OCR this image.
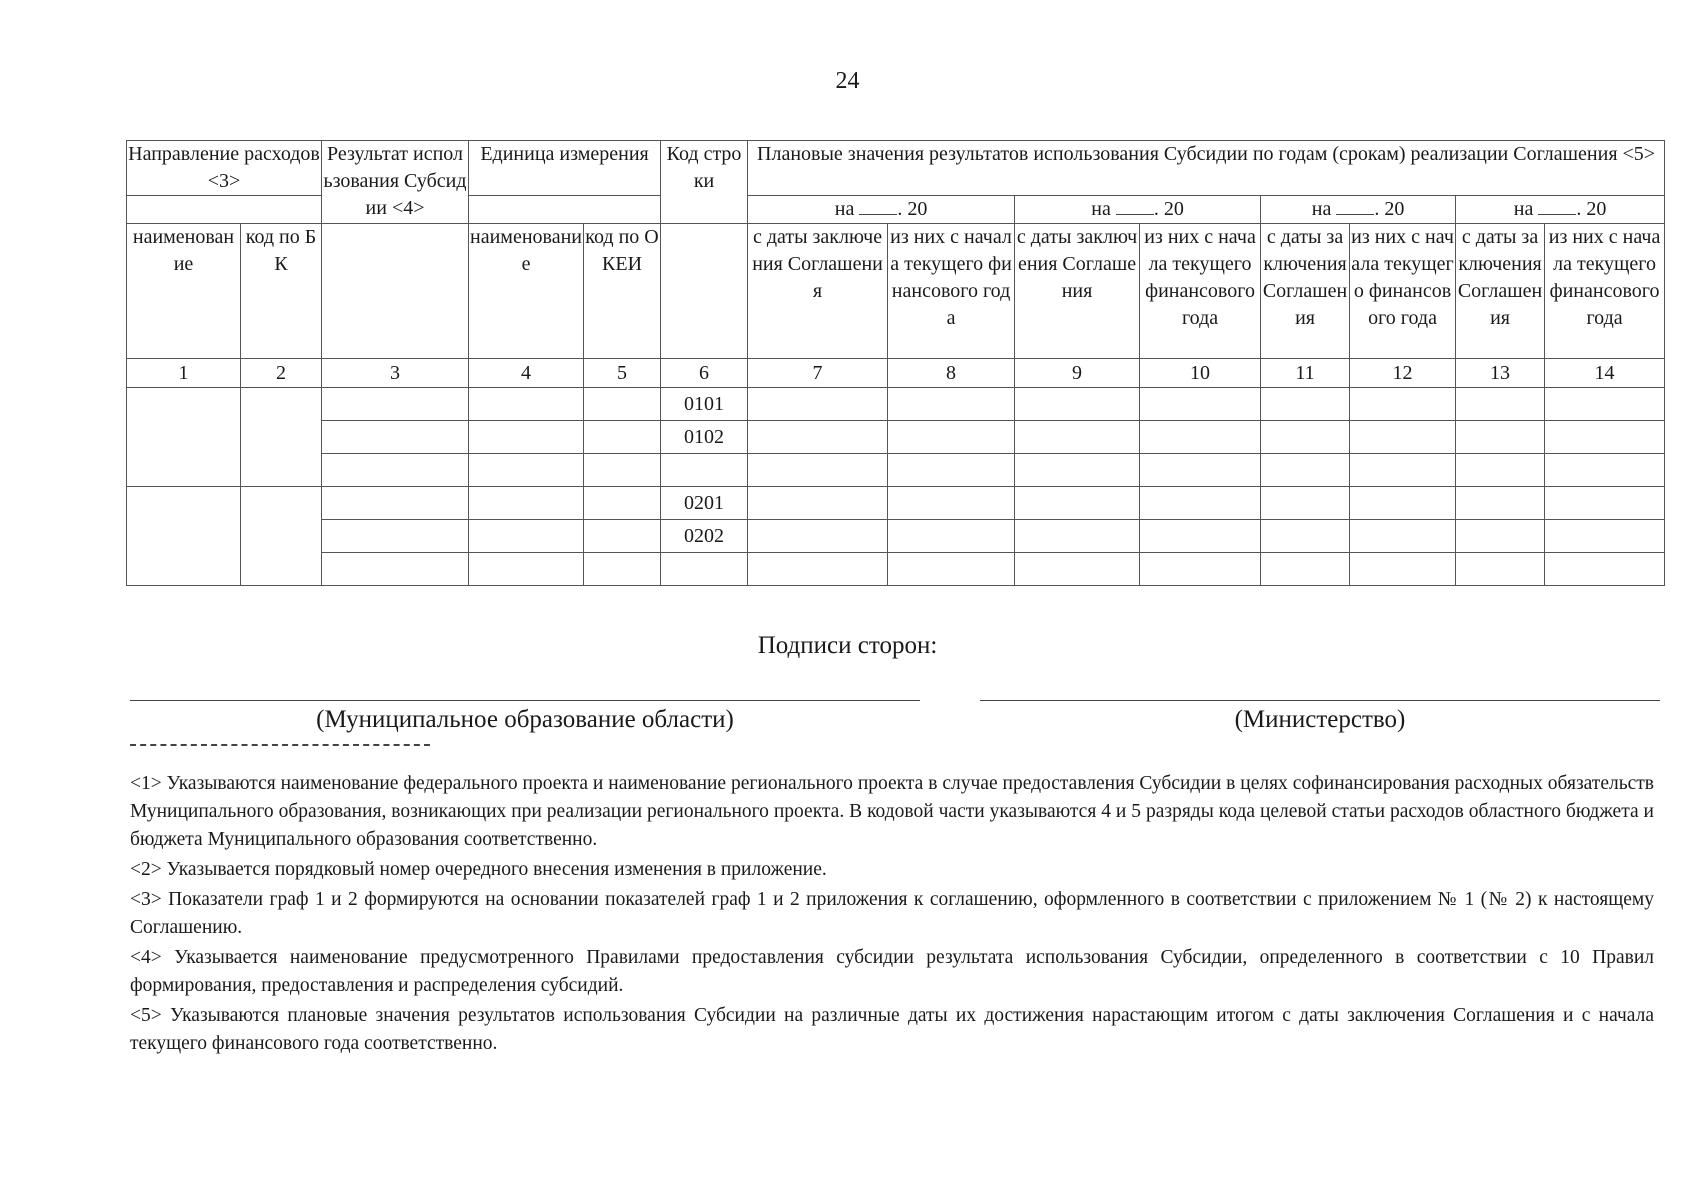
24
Направление расходов <3>		Результат использования Субсидии <4>	Единица измерения		Код строки	Плановые значения результатов использования Субсидии по годам (срокам) реализации Соглашения <5>							
						на . 20		на . 20		на . 20		на . 20	

наименование	код по БК		наименование	код по ОКЕИ		с даты заключения Соглашения	из них с начала текущего финансового года	с даты заключения Соглашения	из них с начала текущего финансового года	с даты заключения Соглашения	из них с начала текущего финансового года	с даты заключения Соглашения	из них с начала текущего финансового года
1	2	3	4	5	6	7	8	9	10	11	12	13	14
					0101								
					0102								

					0201								
					0202								

Подписи сторон:
(Муниципальное образование области)	(Министерство)

<1> Указываются наименование федерального проекта и наименование регионального проекта в случае предоставления Субсидии в целях софинансирования расходных обязательств Муниципального образования, возникающих при реализации регионального проекта. В кодовой части указываются 4 и 5 разряды кода целевой статьи расходов областного бюджета и бюджета Муниципального образования соответственно.

<2> Указывается порядковый номер очередного внесения изменения в приложение.

<3> Показатели граф 1 и 2 формируются на основании показателей граф 1 и 2 приложения к соглашению, оформленного в соответствии с приложением № 1 (№ 2) к настоящему Соглашению.

<4> Указывается наименование предусмотренного Правилами предоставления субсидии результата использования Субсидии, определенного в соответствии с 10 Правил формирования, предоставления и распределения субсидий.

<5> Указываются плановые значения результатов использования Субсидии на различные даты их достижения нарастающим итогом с даты заключения Соглашения и с начала текущего финансового года соответственно.
